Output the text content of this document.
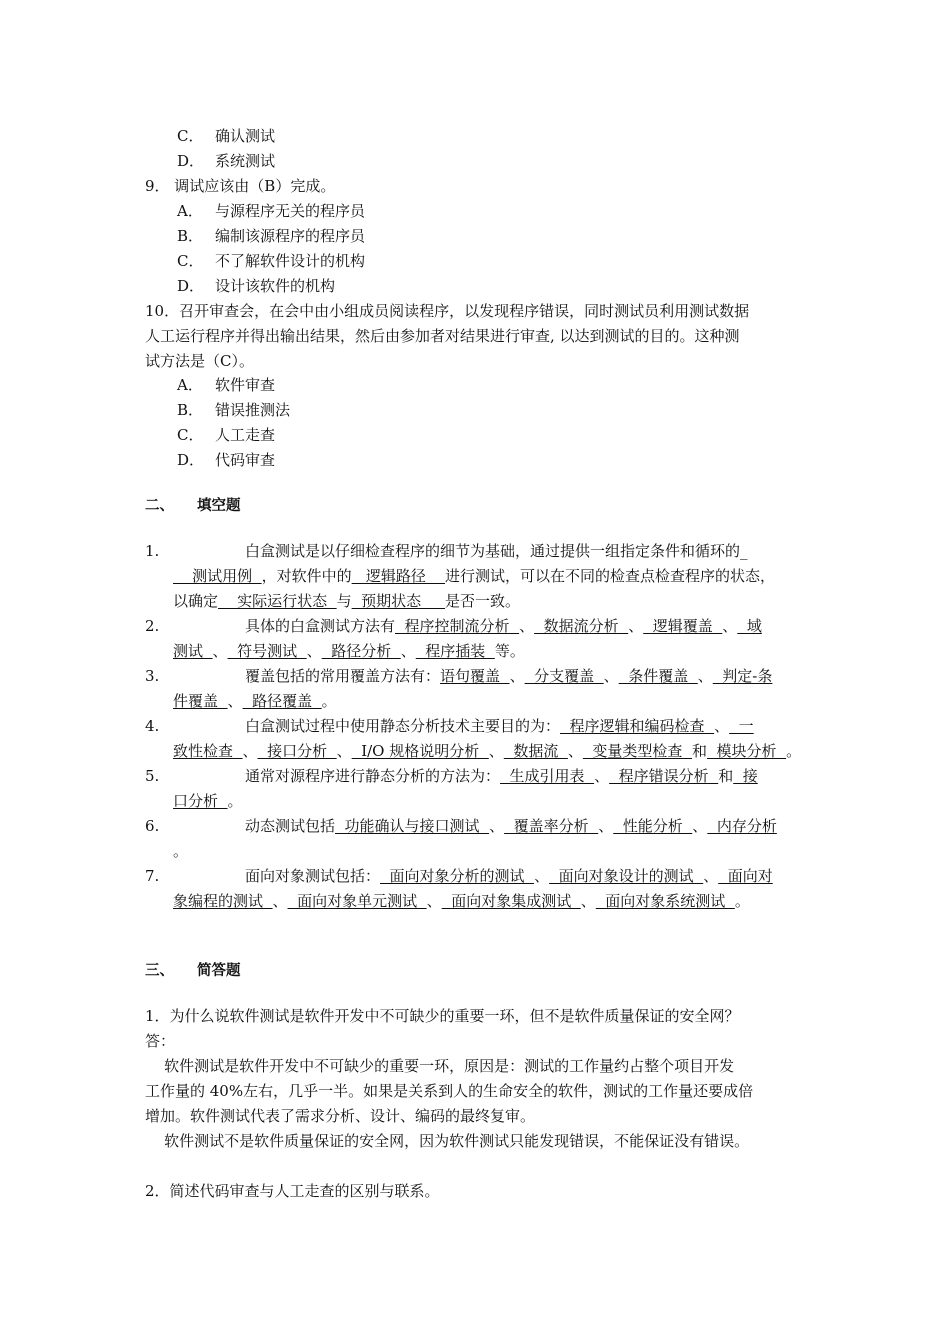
C． 确认测试
D． 系统测试
9． 调试应该由（B）完成。
A． 与源程序无关的程序员
B． 编制该源程序的程序员
C． 不了解软件设计的机构
D． 设计该软件的机构
10．召开审查会，在会中由小组成员阅读程序，以发现程序错误，同时测试员利用测试数据
人工运行程序并得出输出结果，然后由参加者对结果进行审查, 以达到测试的目的。这种测
试方法是（C）。
A． 软件审查
B． 错误推测法
C． 人工走查
D． 代码审查
二、 填空题
1.	白盒测试是以仔细检查程序的细节为基础，通过提供一组指定条件和循环的_
测试用例  ，对软件中的   逻辑路径    进行测试，可以在不同的检查点检查程序的状态，
以确定    实际运行状态  与  预期状态     是否一致。
2.	具体的白盒测试方法有  程序控制流分析  、  数据流分析  、  逻辑覆盖  、  域
测试  、  符号测试  、  路径分析  、  程序插装  等。
3.	覆盖包括的常用覆盖方法有：语句覆盖  、  分支覆盖  、  条件覆盖  、  判定-条
件覆盖  、  路径覆盖  。
4.	白盒测试过程中使用静态分析技术主要目的为：  程序逻辑和编码检查  、  一
致性检查  、  接口分析  、  I/O 规格说明分析  、  数据流  、  变量类型检查  和  模块分析  。
5.	通常对源程序进行静态分析的方法为：  生成引用表  、  程序错误分析  和  接
口分析  。
6.	动态测试包括  功能确认与接口测试  、  覆盖率分析  、  性能分析  、  内存分析
。
7.	面向对象测试包括：  面向对象分析的测试  、  面向对象设计的测试  、  面向对
象编程的测试  、  面向对象单元测试  、  面向对象集成测试  、  面向对象系统测试  。
三、 简答题
1．为什么说软件测试是软件开发中不可缺少的重要一环，但不是软件质量保证的安全网？
答：
软件测试是软件开发中不可缺少的重要一环，原因是：测试的工作量约占整个项目开发
工作量的 40%左右，几乎一半。如果是关系到人的生命安全的软件，测试的工作量还要成倍
增加。软件测试代表了需求分析、设计、编码的最终复审。
软件测试不是软件质量保证的安全网，因为软件测试只能发现错误，不能保证没有错误。
2．简述代码审查与人工走查的区别与联系。
